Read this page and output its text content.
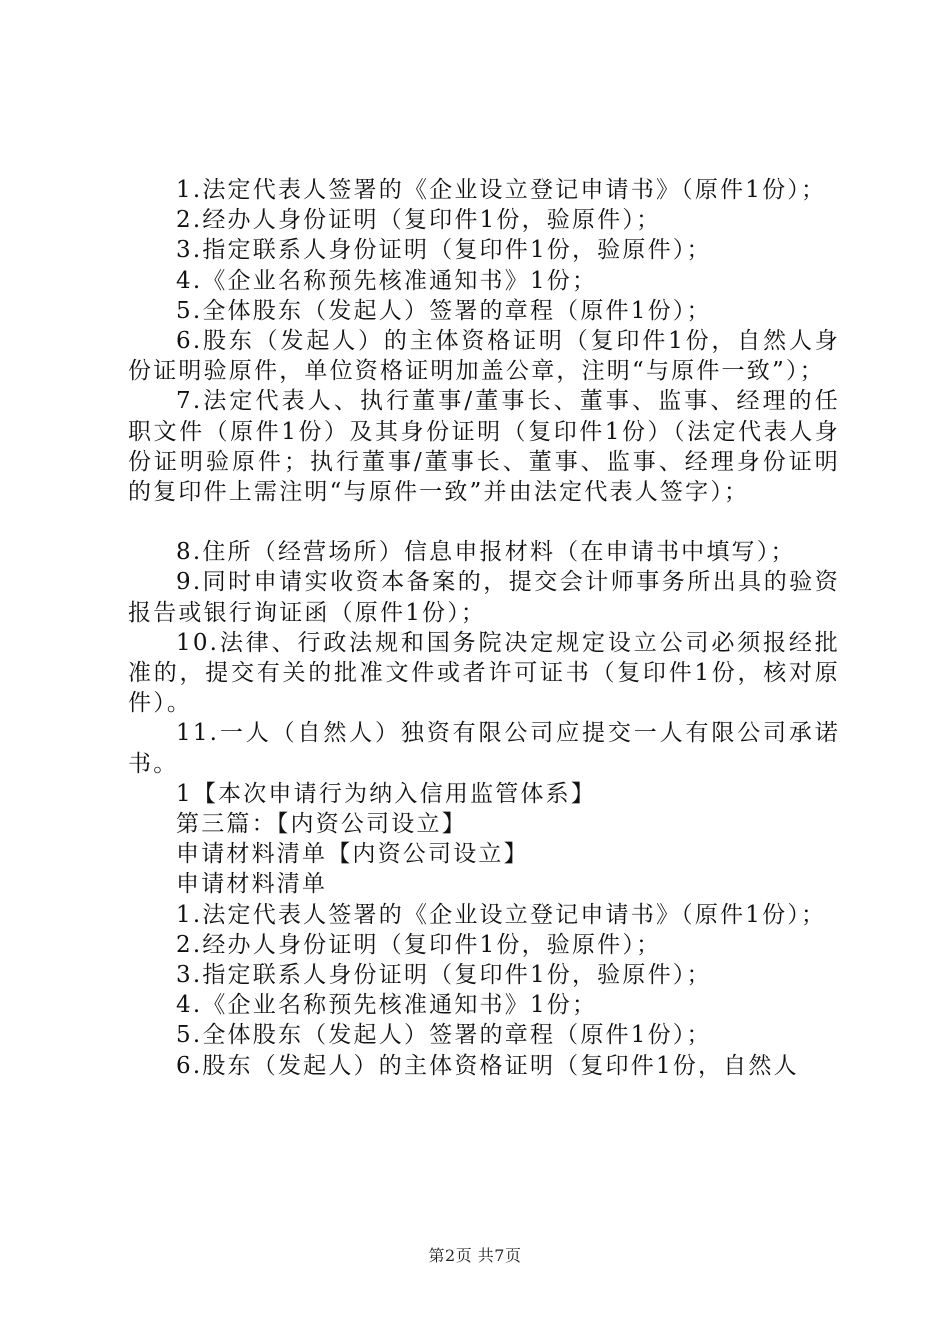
1.法定代表人签署的《企业设立登记申请书》（原件1份）；

2.经办人身份证明（复印件1份，验原件）；

3.指定联系人身份证明（复印件1份，验原件）；

4.《企业名称预先核准通知书》1份；

5.全体股东（发起人）签署的章程（原件1份）；

6.股东（发起人）的主体资格证明（复印件1份，自然人身份证明验原件，单位资格证明加盖公章，注明“与原件一致”）；

7.法定代表人、执行董事/董事长、董事、监事、经理的任职文件（原件1份）及其身份证明（复印件1份）（法定代表人身份证明验原件；执行董事/董事长、董事、监事、经理身份证明的复印件上需注明“与原件一致”并由法定代表人签字）；

8.住所（经营场所）信息申报材料（在申请书中填写）；

9.同时申请实收资本备案的，提交会计师事务所出具的验资报告或银行询证函（原件1份）；

10.法律、行政法规和国务院决定规定设立公司必须报经批准的，提交有关的批准文件或者许可证书（复印件1份，核对原件）。

11.一人（自然人）独资有限公司应提交一人有限公司承诺书。

1【本次申请行为纳入信用监管体系】

第三篇：【内资公司设立】

申请材料清单【内资公司设立】

申请材料清单

1.法定代表人签署的《企业设立登记申请书》（原件1份）；

2.经办人身份证明（复印件1份，验原件）；

3.指定联系人身份证明（复印件1份，验原件）；

4.《企业名称预先核准通知书》1份；

5.全体股东（发起人）签署的章程（原件1份）；

6.股东（发起人）的主体资格证明（复印件1份，自然人

第2页 共7页
